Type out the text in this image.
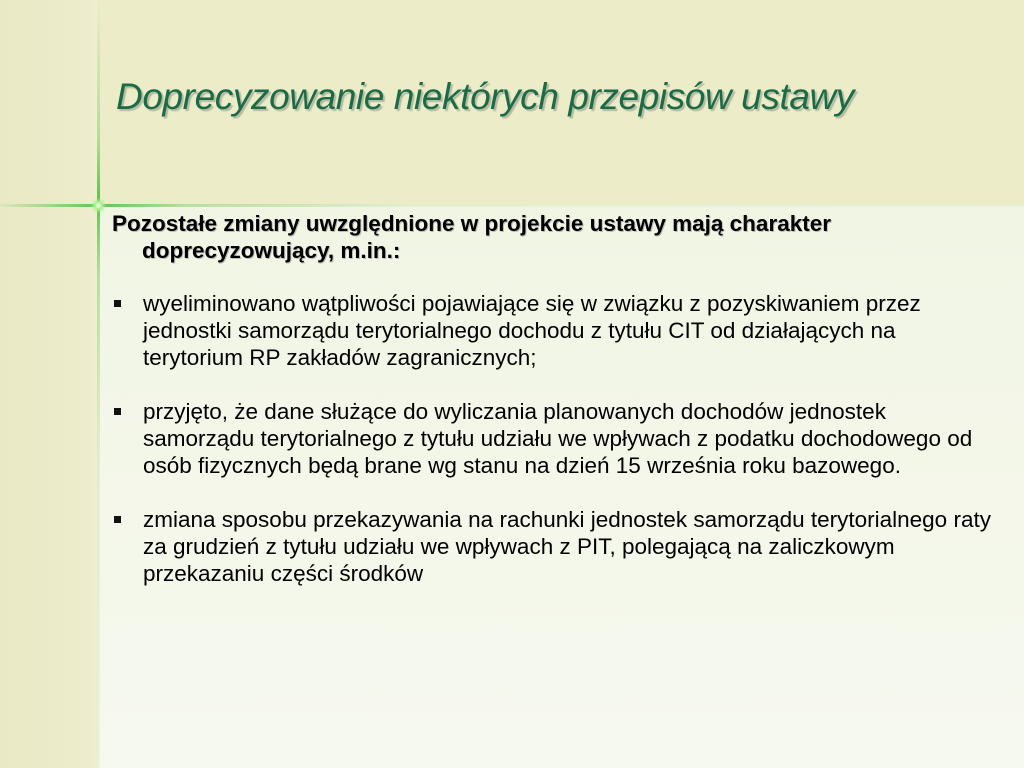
Doprecyzowanie niektórych przepisów ustawy

Pozostałe zmiany uwzględnione w projekcie ustawy mają charakter doprecyzowujący, m.in.:

wyeliminowano wątpliwości pojawiające się w związku z pozyskiwaniem przez jednostki samorządu terytorialnego dochodu z tytułu CIT od działających na terytorium RP zakładów zagranicznych;
przyjęto, że dane służące do wyliczania planowanych dochodów jednostek samorządu terytorialnego z tytułu udziału we wpływach z podatku dochodowego od osób fizycznych będą brane wg stanu na dzień 15 września roku bazowego.
zmiana sposobu przekazywania na rachunki jednostek samorządu terytorialnego raty za grudzień z tytułu udziału we wpływach z PIT, polegającą na zaliczkowym przekazaniu części środków
